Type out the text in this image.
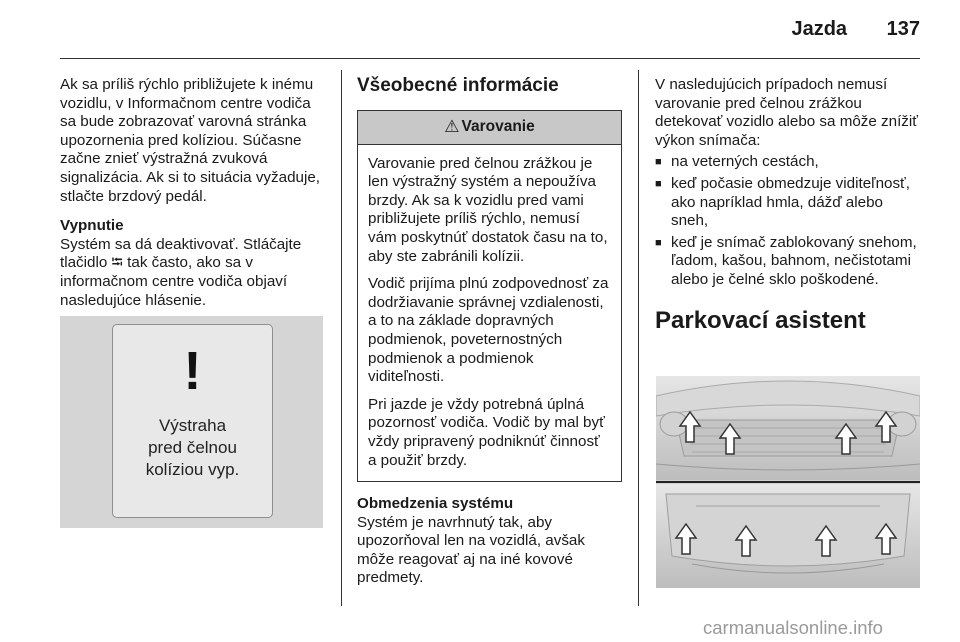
Jazda 137

Ak sa príliš rýchlo približujete k inému vozidlu, v Informačnom centre vodiča sa bude zobrazovať varovná stránka upozornenia pred kolíziou. Súčasne začne znieť výstražná zvuková signalizácia. Ak si to situácia vyžaduje, stlačte brzdový pedál.

Vypnutie

Systém sa dá deaktivovať. Stláčajte tlačidlo ⭾ tak často, ako sa v informačnom centre vodiča objaví nasledujúce hlásenie.

!
Výstraha
pred čelnou
kolíziou vyp.
Všeobecné informácie
⚠ Varovanie

Varovanie pred čelnou zrážkou je len výstražný systém a nepoužíva brzdy. Ak sa k vozidlu pred vami približujete príliš rýchlo, nemusí vám poskytnúť dostatok času na to, aby ste zabránili kolízii.

Vodič prijíma plnú zodpovednosť za dodržiavanie správnej vzdialenosti, a to na základe dopravných podmienok, poveternostných podmienok a podmienok viditeľnosti.

Pri jazde je vždy potrebná úplná pozornosť vodiča. Vodič by mal byť vždy pripravený podniknúť činnosť a použiť brzdy.

Obmedzenia systému

Systém je navrhnutý tak, aby upozorňoval len na vozidlá, avšak môže reagovať aj na iné kovové predmety.

V nasledujúcich prípadoch nemusí varovanie pred čelnou zrážkou detekovať vozidlo alebo sa môže znížiť výkon snímača:

■ na veterných cestách,
■ keď počasie obmedzuje viditeľnosť, ako napríklad hmla, dážď alebo sneh,
■ keď je snímač zablokovaný snehom, ľadom, kašou, bahnom, nečistotami alebo je čelné sklo poškodené.
Parkovací asistent
carmanualsonline.info
